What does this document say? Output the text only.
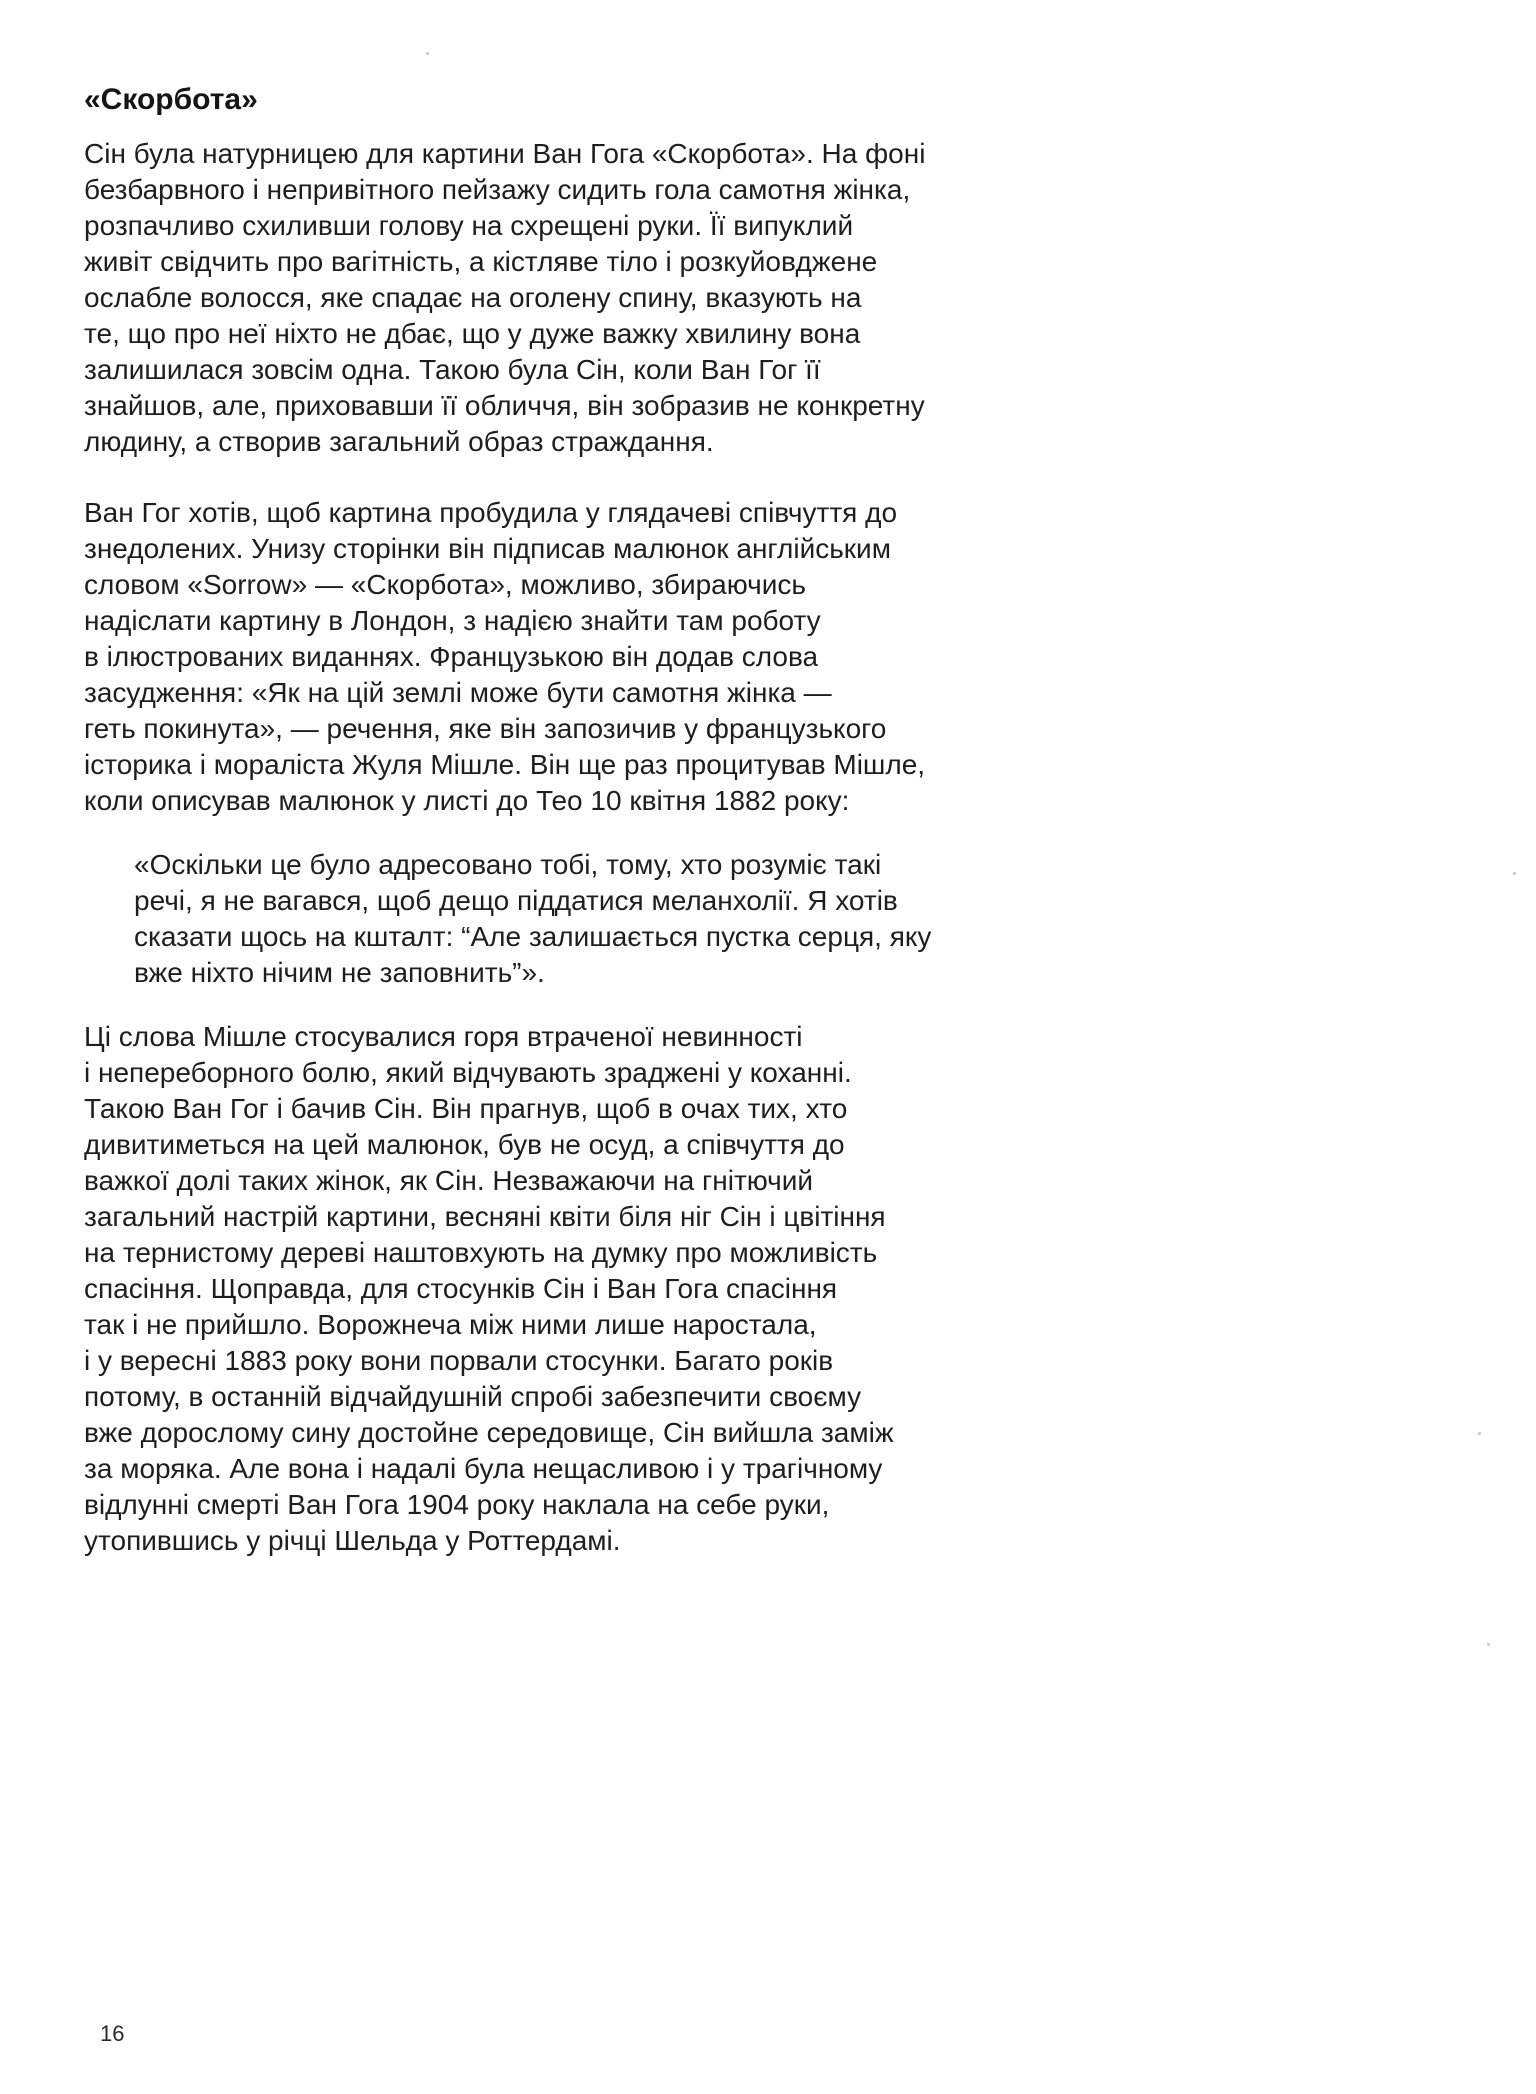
«Скорбота»

Сін була натурницею для картини Ван Гога «Скорбота». На фоні
безбарвного і непривітного пейзажу сидить гола самотня жінка,
розпачливо схиливши голову на схрещені руки. Її випуклий
живіт свідчить про вагітність, а кістляве тіло і розкуйовджене
ослабле волосся, яке спадає на оголену спину, вказують на
те, що про неї ніхто не дбає, що у дуже важку хвилину вона
залишилася зовсім одна. Такою була Сін, коли Ван Гог її
знайшов, але, приховавши її обличчя, він зобразив не конкретну
людину, а створив загальний образ страждання.

Ван Гог хотів, щоб картина пробудила у глядачеві співчуття до
знедолених. Унизу сторінки він підписав малюнок англійським
словом «Sorrow» — «Скорбота», можливо, збираючись
надіслати картину в Лондон, з надією знайти там роботу
в ілюстрованих виданнях. Французькою він додав слова
засудження: «Як на цій землі може бути самотня жінка —
геть покинута», — речення, яке він запозичив у французького
історика і мораліста Жуля Мішле. Він ще раз процитував Мішле,
коли описував малюнок у листі до Тео 10 квітня 1882 року:

«Оскільки це було адресовано тобі, тому, хто розуміє такі
речі, я не вагався, щоб дещо піддатися меланхолії. Я хотів
сказати щось на кшталт: “Але залишається пустка серця, яку
вже ніхто нічим не заповнить”».

Ці слова Мішле стосувалися горя втраченої невинності
і непереборного болю, який відчувають зраджені у коханні.
Такою Ван Гог і бачив Сін. Він прагнув, щоб в очах тих, хто
дивитиметься на цей малюнок, був не осуд, а співчуття до
важкої долі таких жінок, як Сін. Незважаючи на гнітючий
загальний настрій картини, весняні квіти біля ніг Сін і цвітіння
на тернистому дереві наштовхують на думку про можливість
спасіння. Щоправда, для стосунків Сін і Ван Гога спасіння
так і не прийшло. Ворожнеча між ними лише наростала,
і у вересні 1883 року вони порвали стосунки. Багато років
потому, в останній відчайдушній спробі забезпечити своєму
вже дорослому сину достойне середовище, Сін вийшла заміж
за моряка. Але вона і надалі була нещасливою і у трагічному
відлунні смерті Ван Гога 1904 року наклала на себе руки,
утопившись у річці Шельда у Роттердамі.

16
